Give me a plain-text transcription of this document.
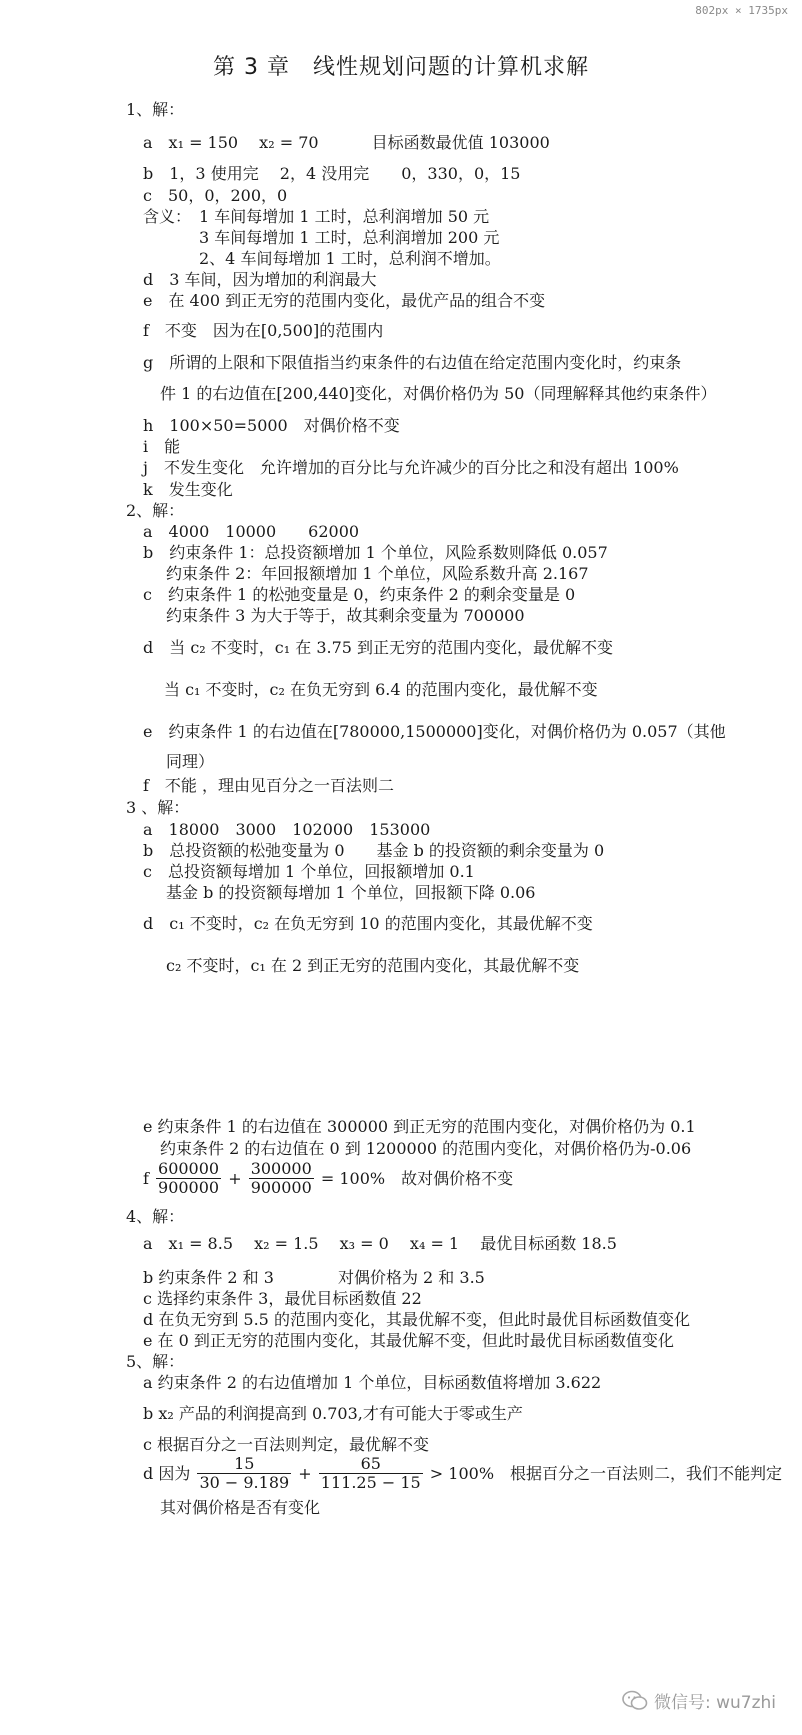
802px × 1735px
第 3 章　线性规划问题的计算机求解
1、解：
a　x₁ = 150　 x₂ = 70　　　 目标函数最优值 103000
b　1，3 使用完　 2，4 没用完　　0，330，0，15
c　50，0，200，0
含义：　1 车间每增加 1 工时，总利润增加 50 元
3 车间每增加 1 工时，总利润增加 200 元
2、4 车间每增加 1 工时，总利润不增加。
d　3 车间，因为增加的利润最大
e　在 400 到正无穷的范围内变化，最优产品的组合不变
f　不变　因为在[0,500]的范围内
g　所谓的上限和下限值指当约束条件的右边值在给定范围内变化时，约束条
件 1 的右边值在[200,440]变化，对偶价格仍为 50（同理解释其他约束条件）
h　100×50=5000　对偶价格不变
i　能
j　不发生变化　允许增加的百分比与允许减少的百分比之和没有超出 100%
k　发生变化
2、解：
a　4000　10000　　62000
b　约束条件 1：总投资额增加 1 个单位，风险系数则降低 0.057
约束条件 2：年回报额增加 1 个单位，风险系数升高 2.167
c　约束条件 1 的松弛变量是 0，约束条件 2 的剩余变量是 0
约束条件 3 为大于等于，故其剩余变量为 700000
d　当 c₂ 不变时，c₁ 在 3.75 到正无穷的范围内变化，最优解不变
当 c₁ 不变时，c₂ 在负无穷到 6.4 的范围内变化，最优解不变
e　约束条件 1 的右边值在[780000,1500000]变化，对偶价格仍为 0.057（其他
同理）
f　不能 ，理由见百分之一百法则二
3 、解：
a　18000　3000　102000　153000
b　总投资额的松弛变量为 0　　基金 b 的投资额的剩余变量为 0
c　总投资额每增加 1 个单位，回报额增加 0.1
基金 b 的投资额每增加 1 个单位，回报额下降 0.06
d　c₁ 不变时，c₂ 在负无穷到 10 的范围内变化，其最优解不变
c₂ 不变时，c₁ 在 2 到正无穷的范围内变化，其最优解不变
e 约束条件 1 的右边值在 300000 到正无穷的范围内变化，对偶价格仍为 0.1
约束条件 2 的右边值在 0 到 1200000 的范围内变化，对偶价格仍为-0.06
f $\frac{600000}{900000} + \frac{300000}{900000} = 100\%$　故对偶价格不变
4、解：
a　x₁ = 8.5　 x₂ = 1.5　 x₃ = 0　 x₄ = 1　 最优目标函数 18.5
b 约束条件 2 和 3　　　　对偶价格为 2 和 3.5
c 选择约束条件 3，最优目标函数值 22
d 在负无穷到 5.5 的范围内变化，其最优解不变，但此时最优目标函数值变化
e 在 0 到正无穷的范围内变化，其最优解不变，但此时最优目标函数值变化
5、解：
a 约束条件 2 的右边值增加 1 个单位，目标函数值将增加 3.622
b x₂ 产品的利润提高到 0.703,才有可能大于零或生产
c 根据百分之一百法则判定，最优解不变
d 因为 $\frac{15}{30 - 9.189} + \frac{65}{111.25 - 15} > 100\%$　根据百分之一百法则二，我们不能判定
其对偶价格是否有变化
微信号: wu7zhi
